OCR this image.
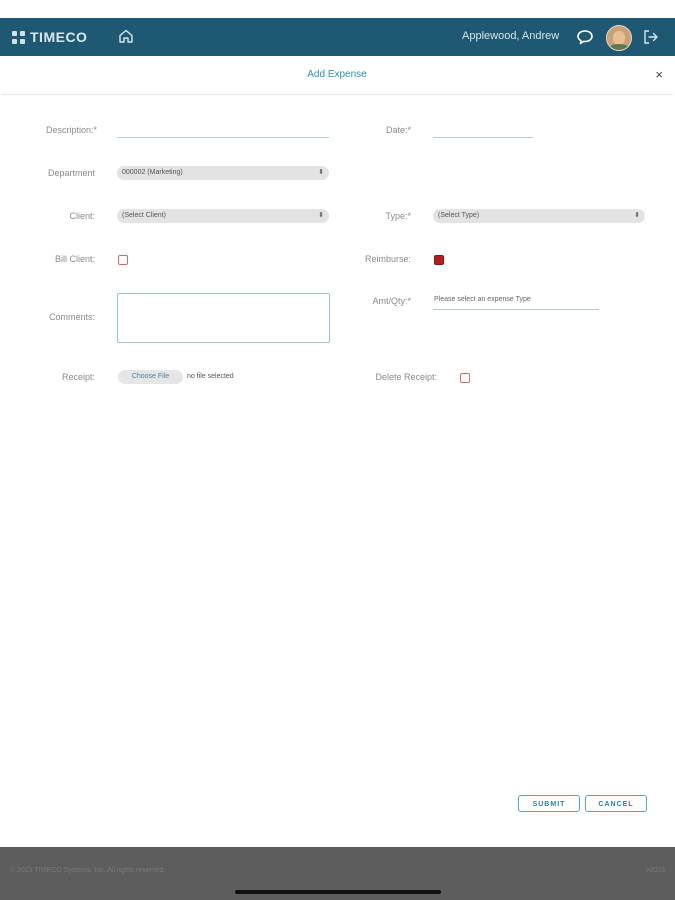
TIMECO	Applewood, Andrew
Add Expense	×
Description:*	Date:*
Department	000002 (Marketing)	⬍
Client:	(Select Client)	⬍	Type:*	(Select Type)	⬍
Bill Client:	Reimburse:
Comments:
Amt/Qty:*	Please select an expense Type
Receipt:	Choose File	no file selected	Delete Receipt:
SUBMIT	CANCEL
© 2023 TIMECO Systems, Inc. All rights reserved.	v2023
